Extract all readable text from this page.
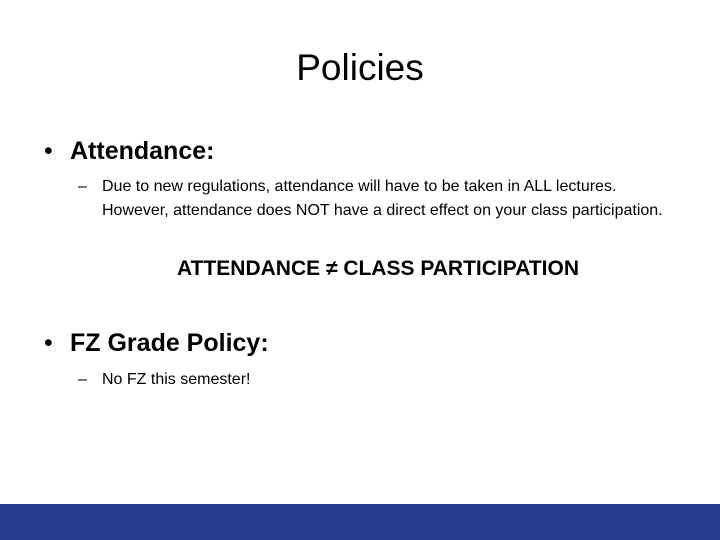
Policies
• Attendance:
– Due to new regulations, attendance will have to be taken in ALL lectures. However, attendance does NOT have a direct effect on your class participation.
ATTENDANCE ≠ CLASS PARTICIPATION
• FZ Grade Policy:
– No FZ this semester!
